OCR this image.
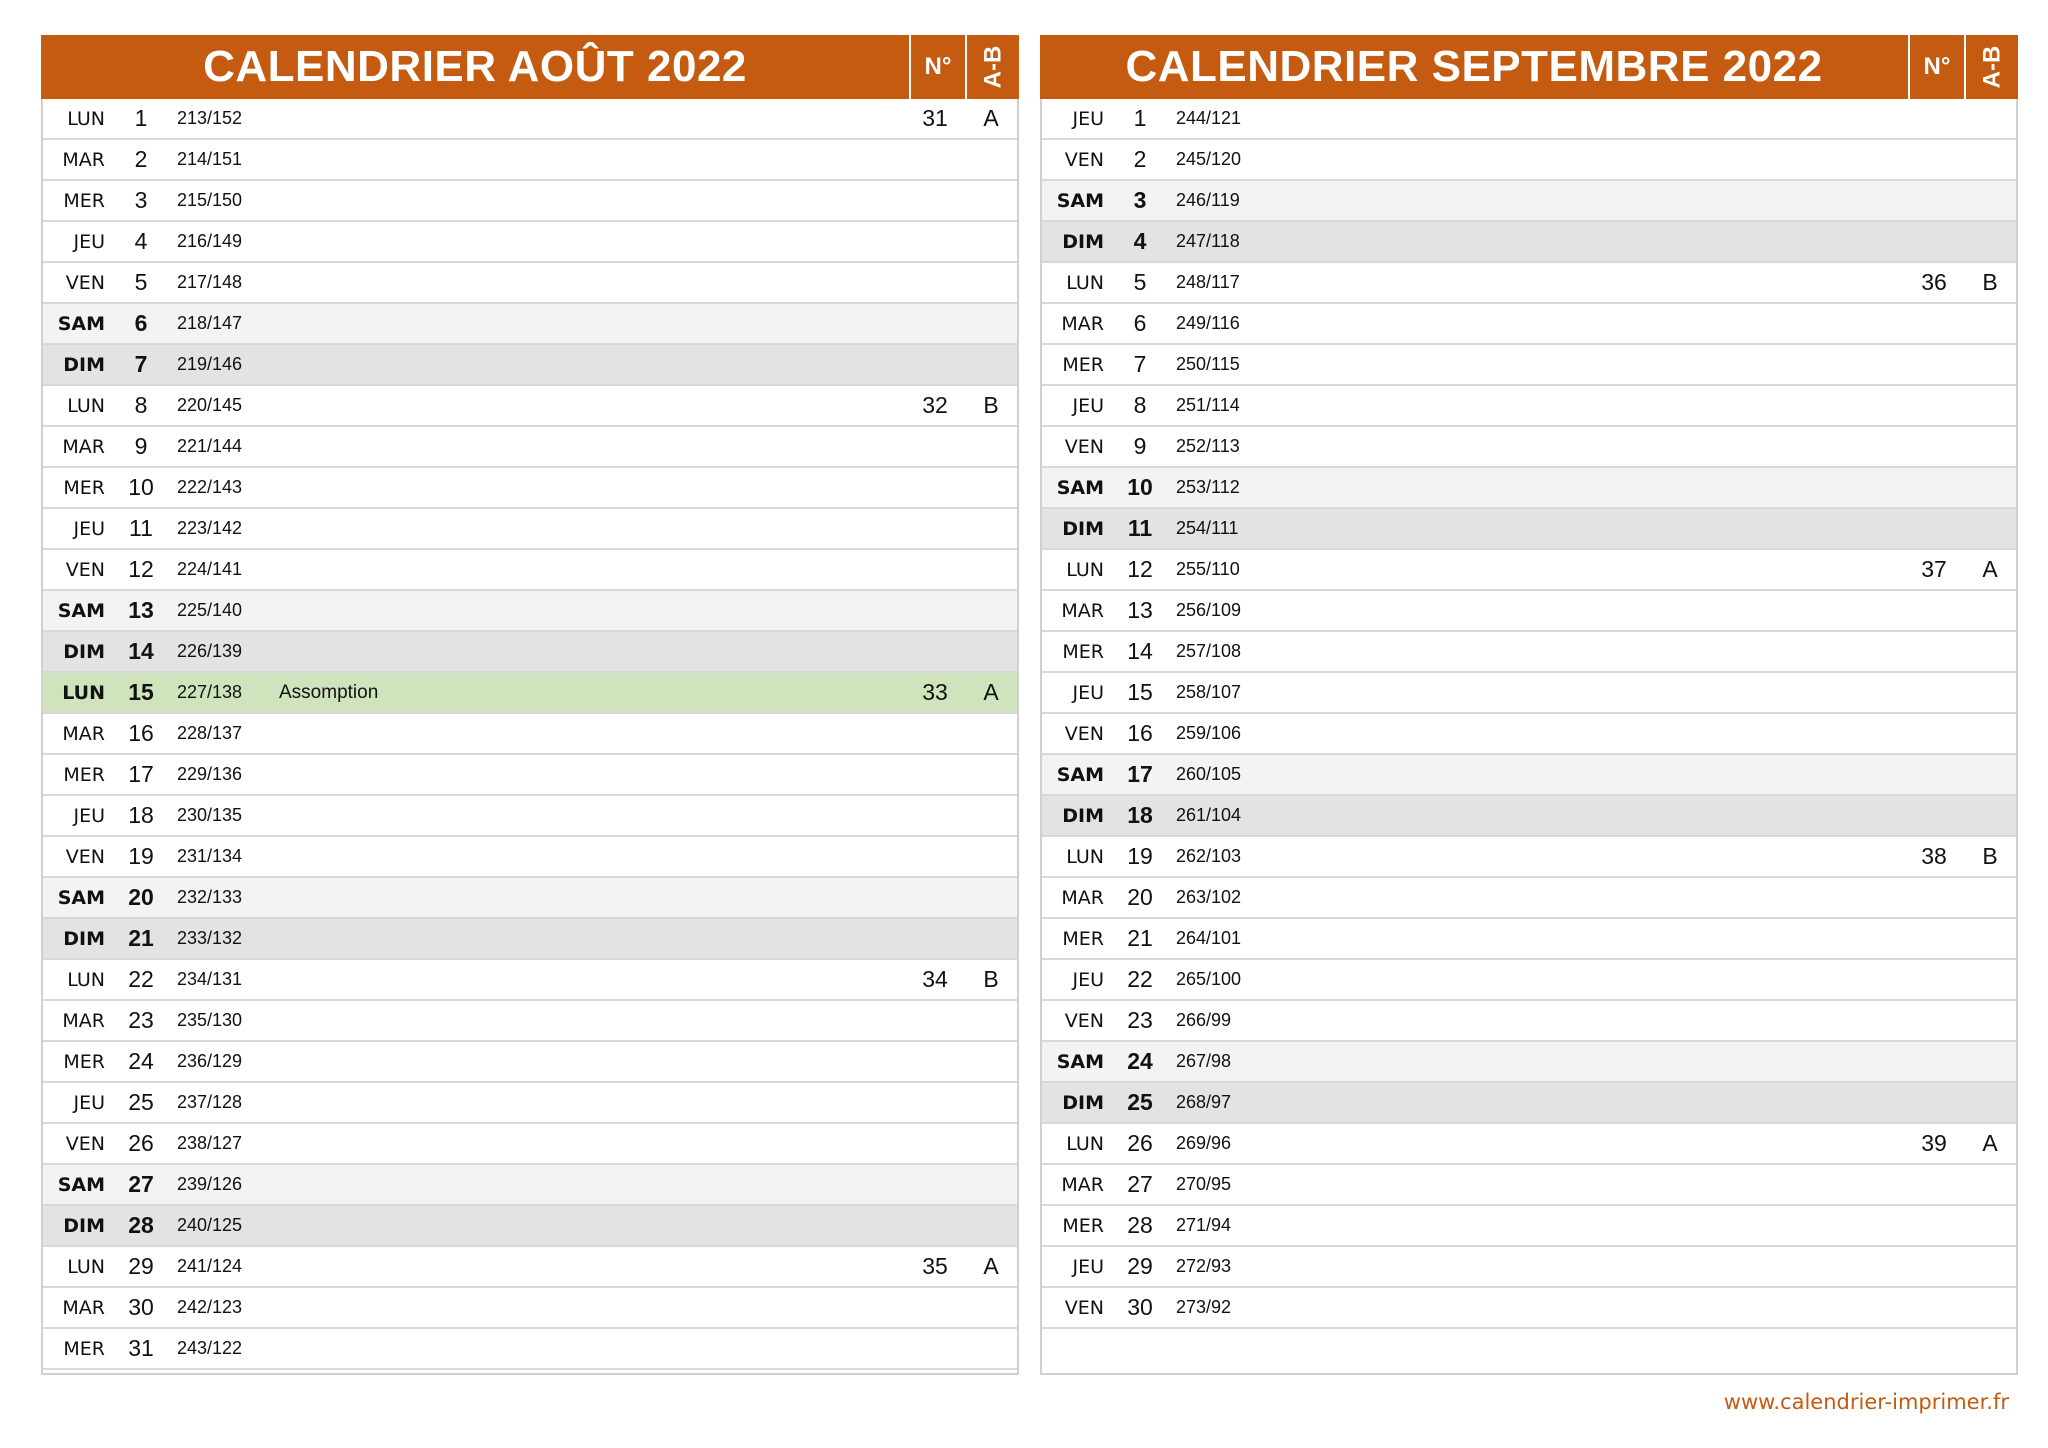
CALENDRIER AOÛT 2022	N°	A-B
LUN	1	213/152	31	A
MAR	2	214/151
MER	3	215/150
JEU	4	216/149
VEN	5	217/148
SAM	6	218/147
DIM	7	219/146
LUN	8	220/145	32	B
MAR	9	221/144
MER	10	222/143
JEU	11	223/142
VEN	12	224/141
SAM	13	225/140
DIM	14	226/139
LUN	15	227/138	Assomption	33	A
MAR	16	228/137
MER	17	229/136
JEU	18	230/135
VEN	19	231/134
SAM	20	232/133
DIM	21	233/132
LUN	22	234/131	34	B
MAR	23	235/130
MER	24	236/129
JEU	25	237/128
VEN	26	238/127
SAM	27	239/126
DIM	28	240/125
LUN	29	241/124	35	A
MAR	30	242/123
MER	31	243/122
CALENDRIER SEPTEMBRE 2022	N°	A-B
JEU	1	244/121
VEN	2	245/120
SAM	3	246/119
DIM	4	247/118
LUN	5	248/117	36	B
MAR	6	249/116
MER	7	250/115
JEU	8	251/114
VEN	9	252/113
SAM	10	253/112
DIM	11	254/111
LUN	12	255/110	37	A
MAR	13	256/109
MER	14	257/108
JEU	15	258/107
VEN	16	259/106
SAM	17	260/105
DIM	18	261/104
LUN	19	262/103	38	B
MAR	20	263/102
MER	21	264/101
JEU	22	265/100
VEN	23	266/99
SAM	24	267/98
DIM	25	268/97
LUN	26	269/96	39	A
MAR	27	270/95
MER	28	271/94
JEU	29	272/93
VEN	30	273/92
www.calendrier-imprimer.fr
